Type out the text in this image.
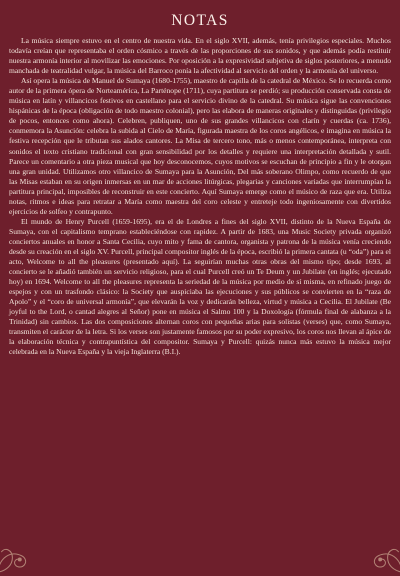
NOTAS

La música siempre estuvo en el centro de nuestra vida. En el siglo XVII, además, tenía privilegios especiales. Muchos todavía creían que representaba el orden cósmico a través de las proporciones de sus sonidos, y que además podía restituir nuestra armonía interior al movilizar las emociones. Por oposición a la expresividad subjetiva de siglos posteriores, a menudo manchada de teatralidad vulgar, la música del Barroco ponía la afectividad al servicio del orden y la armonía del universo.

Así opera la música de Manuel de Sumaya (1680-1755), maestro de capilla de la catedral de México. Se lo recuerda como autor de la primera ópera de Norteamérica, La Parténope (1711), cuya partitura se perdió; su producción conservada consta de música en latín y villancicos festivos en castellano para el servicio divino de la catedral. Su música sigue las convenciones hispánicas de la época (obligación de todo maestro colonial), pero las elabora de maneras originales y distinguidas (privilegio de pocos, entonces como ahora). Celebren, publiquen, uno de sus grandes villancicos con clarín y cuerdas (ca. 1736), conmemora la Asunción: celebra la subida al Cielo de María, figurada maestra de los coros angélicos, e imagina en música la festiva recepción que le tributan sus alados cantores. La Misa de tercero tono, más o menos contemporánea, interpreta con sonidos el texto cristiano tradicional con gran sensibilidad por los detalles y requiere una interpretación detallada y sutil. Parece un comentario a otra pieza musical que hoy desconocemos, cuyos motivos se escuchan de principio a fin y le otorgan una gran unidad. Utilizamos otro villancico de Sumaya para la Asunción, Del más soberano Olimpo, como recuerdo de que las Misas estaban en su origen inmersas en un mar de acciones litúrgicas, plegarias y canciones variadas que interrumpían la partitura principal, imposibles de reconstruir en este concierto. Aquí Sumaya emerge como el músico de raza que era. Utiliza notas, ritmos e ideas para retratar a María como maestra del coro celeste y entretejе todo ingeniosamente con divertidos ejercicios de solfeo y contrapunto.

El mundo de Henry Purcell (1659-1695), era el de Londres a fines del siglo XVII, distinto de la Nueva España de Sumaya, con el capitalismo temprano estableciéndose con rapidez. A partir de 1683, una Music Society privada organizó conciertos anuales en honor a Santa Cecilia, cuyo mito y fama de cantora, organista y patrona de la música venía creciendo desde su creación en el siglo XV. Purcell, principal compositor inglés de la época, escribió la primera cantata (u “oda”) para el acto, Welcome to all the pleasures (presentado aquí). La seguirían muchas otras obras del mismo tipo; desde 1693, al concierto se le añadió también un servicio religioso, para el cual Purcell creó un Te Deum y un Jubilate (en inglés; ejecutado hoy) en 1694. Welcome to all the pleasures representa la seriedad de la música por medio de sí misma, en refinado juego de espejos y con un trasfondo clásico: la Society que auspiciaba las ejecuciones y sus públicos se convierten en la “raza de Apolo” y el “coro de universal armonía”, que elevarán la voz y dedicarán belleza, virtud y música a Cecilia. El Jubilate (Be joyful to the Lord, o cantad alegres al Señor) pone en música el Salmo 100 y la Doxología (fórmula final de alabanza a la Trinidad) sin cambios. Las dos composiciones alternan coros con pequeñas arias para solistas (verses) que, como Sumaya, transmiten el carácter de la letra. Si los verses son justamente famosos por su poder expresivo, los coros nos llevan al ápice de la elaboración técnica y contrapuntística del compositor. Sumaya y Purcell: quizás nunca más estuvo la música mejor celebrada en la Nueva España y la vieja Inglaterra (B.I.).
